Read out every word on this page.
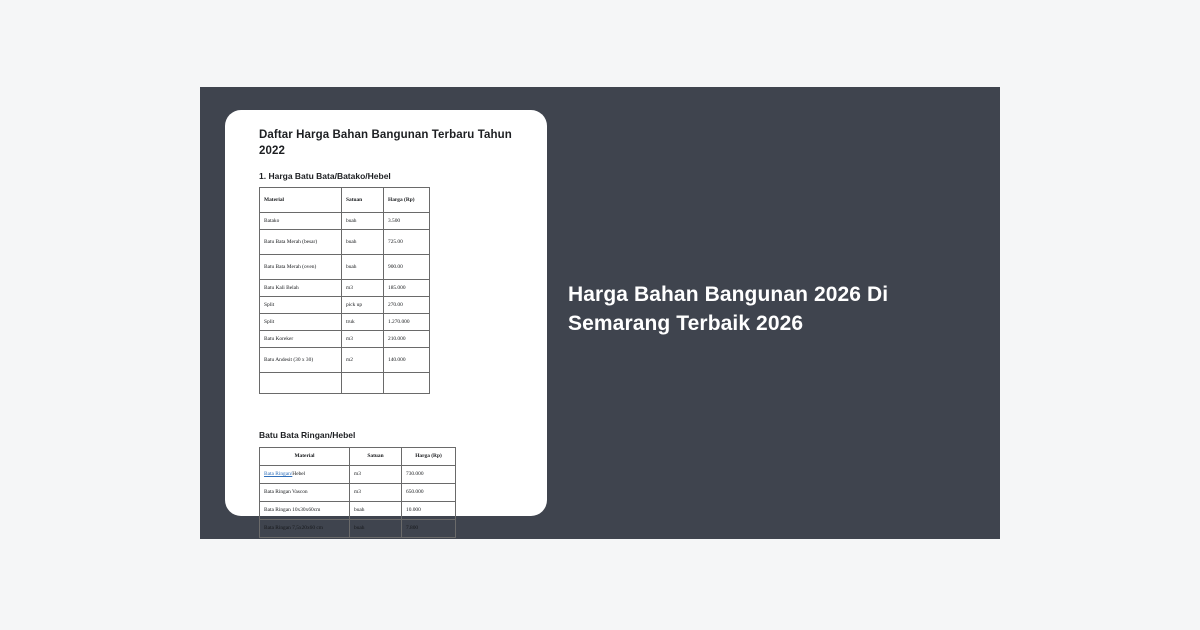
Daftar Harga Bahan Bangunan Terbaru Tahun 2022
1. Harga Batu Bata/Batako/Hebel
Material	Satuan	Harga (Rp)
Batako	buah	3.500
Batu Bata Merah (besar)	buah	725.00
Batu Bata Merah (oven)	buah	900.00
Batu Kali Belah	m3	185.000
Split	pick up	270.00
Split	truk	1.270.000
Batu Koreker	m3	210.000
Batu Andesit (30 x 30)	m2	140.000

Batu Bata Ringan/Hebel
Material	Satuan	Harga (Rp)
Bata Ringan/Hebel	m3	730.000
Bata Ringan Vascon	m3	650.000
Bata Ringan 10x30x60cm	buah	10.000
Bata Ringan 7,5x20x60 cm	buah	7.800
Harga Bahan Bangunan 2026 Di Semarang Terbaik 2026
